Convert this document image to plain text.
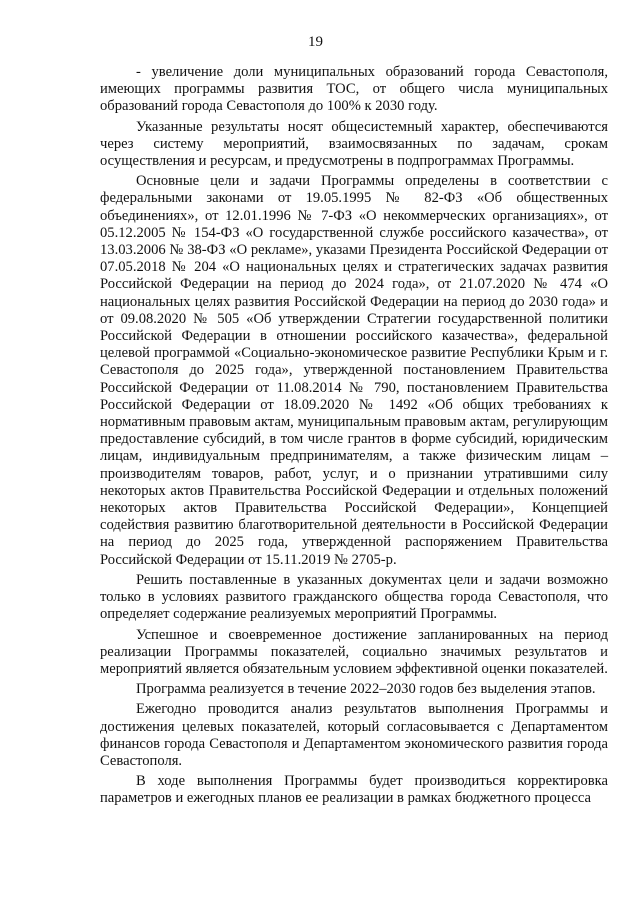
19

- увеличение доли муниципальных образований города Севастополя, имеющих программы развития ТОС, от общего числа муниципальных образований города Севастополя до 100% к 2030 году.

Указанные результаты носят общесистемный характер, обеспечиваются через систему мероприятий, взаимосвязанных по задачам, срокам осуществления и ресурсам, и предусмотрены в подпрограммах Программы.

Основные цели и задачи Программы определены в соответствии с федеральными законами от 19.05.1995 № 82-ФЗ «Об общественных объединениях», от 12.01.1996 № 7-ФЗ «О некоммерческих организациях», от 05.12.2005 № 154-ФЗ «О государственной службе российского казачества», от 13.03.2006 № 38-ФЗ «О рекламе», указами Президента Российской Федерации от 07.05.2018 № 204 «О национальных целях и стратегических задачах развития Российской Федерации на период до 2024 года», от 21.07.2020 № 474 «О национальных целях развития Российской Федерации на период до 2030 года» и от 09.08.2020 № 505 «Об утверждении Стратегии государственной политики Российской Федерации в отношении российского казачества», федеральной целевой программой «Социально-экономическое развитие Республики Крым и г. Севастополя до 2025 года», утвержденной постановлением Правительства Российской Федерации от 11.08.2014 № 790, постановлением Правительства Российской Федерации от 18.09.2020 № 1492 «Об общих требованиях к нормативным правовым актам, муниципальным правовым актам, регулирующим предоставление субсидий, в том числе грантов в форме субсидий, юридическим лицам, индивидуальным предпринимателям, а также физическим лицам – производителям товаров, работ, услуг, и о признании утратившими силу некоторых актов Правительства Российской Федерации и отдельных положений некоторых актов Правительства Российской Федерации», Концепцией содействия развитию благотворительной деятельности в Российской Федерации на период до 2025 года, утвержденной распоряжением Правительства Российской Федерации от 15.11.2019 № 2705-р.

Решить поставленные в указанных документах цели и задачи возможно только в условиях развитого гражданского общества города Севастополя, что определяет содержание реализуемых мероприятий Программы.

Успешное и своевременное достижение запланированных на период реализации Программы показателей, социально значимых результатов и мероприятий является обязательным условием эффективной оценки показателей.

Программа реализуется в течение 2022–2030 годов без выделения этапов.

Ежегодно проводится анализ результатов выполнения Программы и достижения целевых показателей, который согласовывается с Департаментом финансов города Севастополя и Департаментом экономического развития города Севастополя.

В ходе выполнения Программы будет производиться корректировка параметров и ежегодных планов ее реализации в рамках бюджетного процесса
